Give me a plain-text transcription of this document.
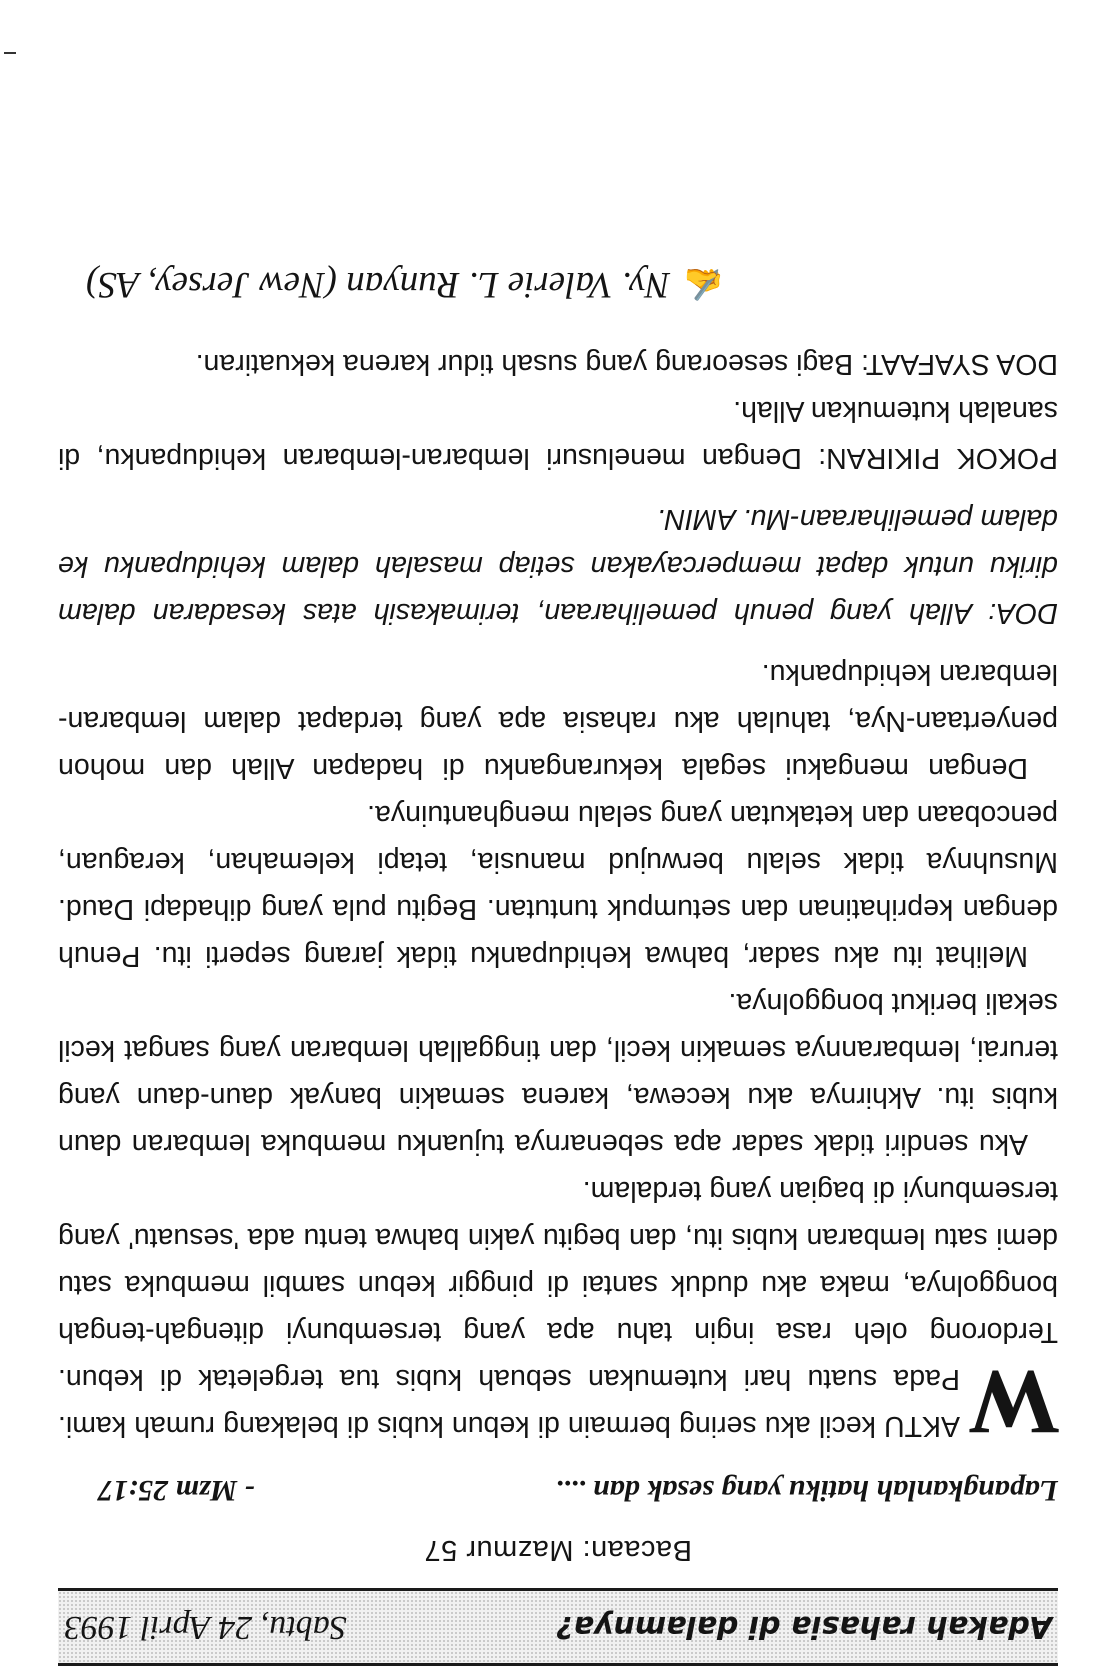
Adakah rahasia di dalamnya?
Sabtu, 24 April 1993
Bacaan: Mazmur 57
Lapangkanlah hatiku yang sesak dan ....
- Mzm 25:17

W
AKTU kecil aku sering bermain di kebun kubis di belakang rumah kami. Pada suatu hari kutemukan sebuah kubis tua tergeletak di kebun. Terdorong oleh rasa ingin tahu apa yang tersembunyi ditengah-tengah bonggolnya, maka aku duduk santai di pinggir kebun sambil membuka satu demi satu lembaran kubis itu, dan begitu yakin bahwa tentu ada 'sesuatu' yang tersembunyi di bagian yang terdalam.

Aku sendiri tidak sadar apa sebenarnya tujuanku membuka lembaran daun kubis itu. Akhirnya aku kecewa, karena semakin banyak daun-daun yang terurai, lembarannya semakin kecil, dan tinggallah lembaran yang sangat kecil sekali berikut bonggolnya.

Melihat itu aku sadar, bahwa kehidupanku tidak jarang seperti itu. Penuh dengan keprihatinan dan setumpuk tuntutan. Begitu pula yang dihadapi Daud. Musuhnya tidak selalu berwujud manusia, tetapi kelemahan, keraguan, pencobaan dan ketakutan yang selalu menghantuinya.

Dengan mengakui segala kekuranganku di hadapan Allah dan mohon penyertaan-Nya, tahulah aku rahasia apa yang terdapat dalam lembaran-lembaran kehidupanku.

DOA: Allah yang penuh pemeliharaan, terimakasih atas kesadaran dalam diriku untuk dapat mempercayakan setiap masalah dalam kehidupanku ke dalam pemeliharaan-Mu. AMIN.

POKOK PIKIRAN: Dengan menelusuri lembaran-lembaran kehidupanku, di sanalah kutemukan Allah.

DOA SYAFAAT: Bagi seseorang yang susah tidur karena kekuatiran.

✍Ny. Valerie L. Runyan (New Jersey, AS)
